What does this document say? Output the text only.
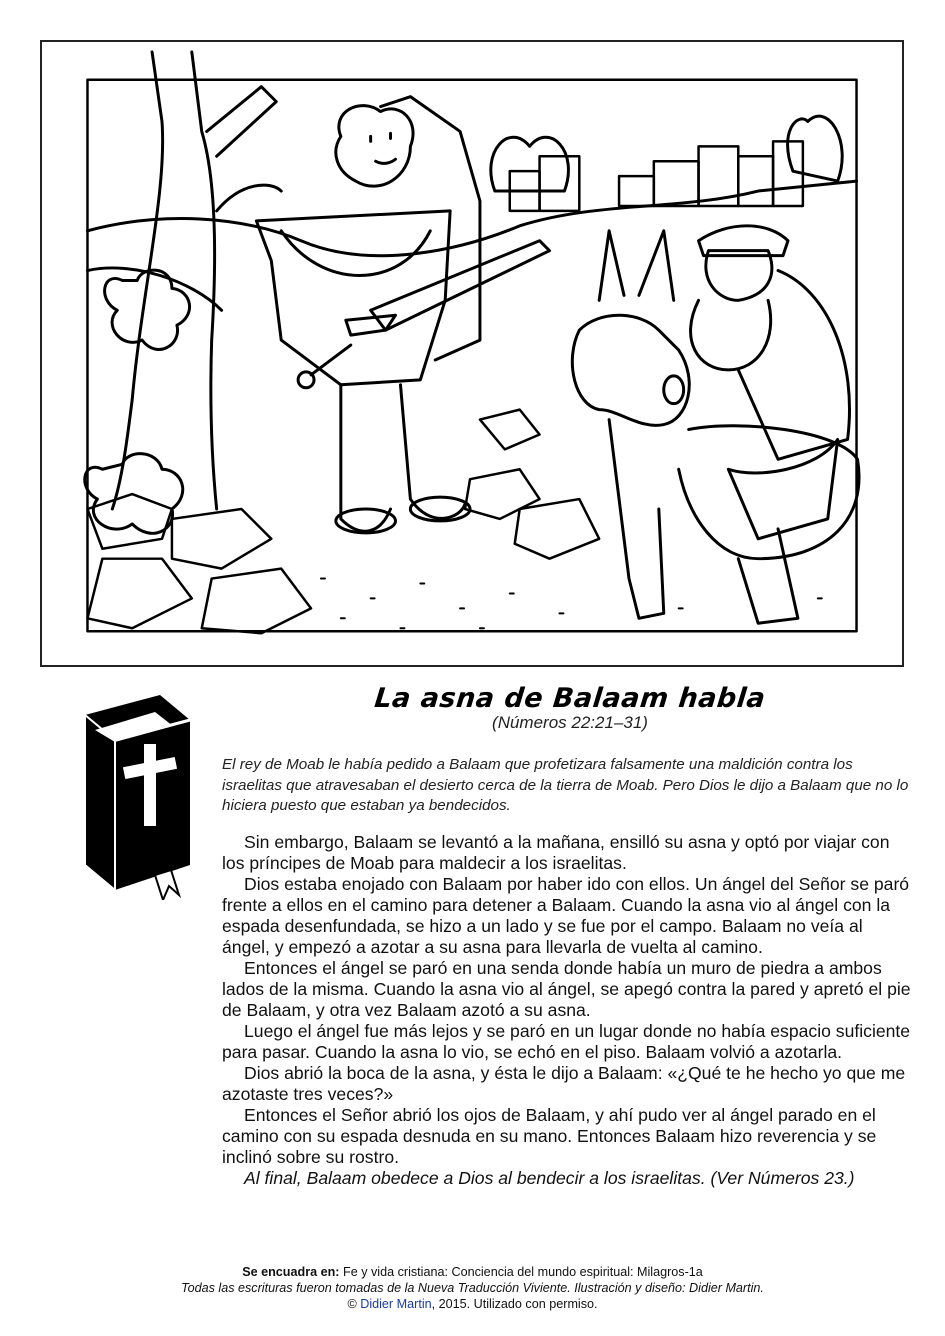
La asna de Balaam habla
(Números 22:21–31)

El rey de Moab le había pedido a Balaam que profetizara falsamente una maldición contra los israelitas que atravesaban el desierto cerca de la tierra de Moab. Pero Dios le dijo a Balaam que no lo hiciera puesto que estaban ya bendecidos.

Sin embargo, Balaam se levantó a la mañana, ensilló su asna y optó por viajar con los príncipes de Moab para maldecir a los israelitas.

Dios estaba enojado con Balaam por haber ido con ellos. Un ángel del Señor se paró frente a ellos en el camino para detener a Balaam. Cuando la asna vio al ángel con la espada desenfundada, se hizo a un lado y se fue por el campo. Balaam no veía al ángel, y empezó a azotar a su asna para llevarla de vuelta al camino.

Entonces el ángel se paró en una senda donde había un muro de piedra a ambos lados de la misma. Cuando la asna vio al ángel, se apegó contra la pared y apretó el pie de Balaam, y otra vez Balaam azotó a su asna.

Luego el ángel fue más lejos y se paró en un lugar donde no había espacio suficiente para pasar. Cuando la asna lo vio, se echó en el piso. Balaam volvió a azotarla.

Dios abrió la boca de la asna, y ésta le dijo a Balaam: «¿Qué te he hecho yo que me azotaste tres veces?»

Entonces el Señor abrió los ojos de Balaam, y ahí pudo ver al ángel parado en el camino con su espada desnuda en su mano. Entonces Balaam hizo reverencia y se inclinó sobre su rostro.

Al final, Balaam obedece a Dios al bendecir a los israelitas. (Ver Números 23.)

Se encuadra en: Fe y vida cristiana: Conciencia del mundo espiritual: Milagros-1a
Todas las escrituras fueron tomadas de la Nueva Traducción Viviente. Ilustración y diseño: Didier Martin.
© Didier Martin, 2015. Utilizado con permiso.
